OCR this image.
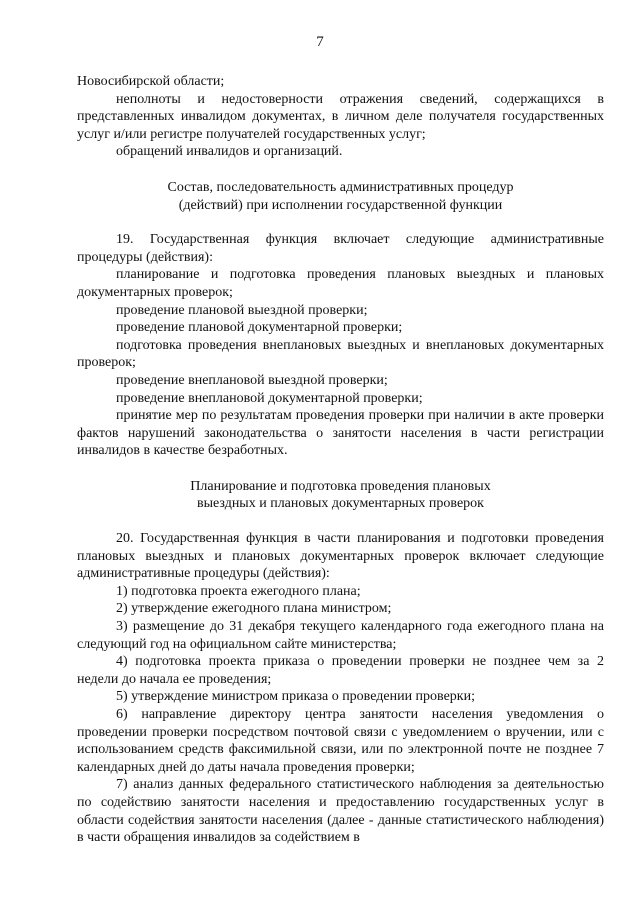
7

Новосибирской области;

неполноты и недостоверности отражения сведений, содержащихся в представленных инвалидом документах, в личном деле получателя государственных услуг и/или регистре получателей государственных услуг;

обращений инвалидов и организаций.

Состав, последовательность административных процедур

(действий) при исполнении государственной функции

19. Государственная функция включает следующие административные процедуры (действия):

планирование и подготовка проведения плановых выездных и плановых документарных проверок;

проведение плановой выездной проверки;

проведение плановой документарной проверки;

подготовка проведения внеплановых выездных и внеплановых документарных проверок;

проведение внеплановой выездной проверки;

проведение внеплановой документарной проверки;

принятие мер по результатам проведения проверки при наличии в акте проверки фактов нарушений законодательства о занятости населения в части регистрации инвалидов в качестве безработных.

Планирование и подготовка проведения плановых

выездных и плановых документарных проверок

20. Государственная функция в части планирования и подготовки проведения плановых выездных и плановых документарных проверок включает следующие административные процедуры (действия):

1) подготовка проекта ежегодного плана;

2) утверждение ежегодного плана министром;

3) размещение до 31 декабря текущего календарного года ежегодного плана на следующий год на официальном сайте министерства;

4) подготовка проекта приказа о проведении проверки не позднее чем за 2 недели до начала ее проведения;

5) утверждение министром приказа о проведении проверки;

6) направление директору центра занятости населения уведомления о проведении проверки посредством почтовой связи с уведомлением о вручении, или с использованием средств факсимильной связи, или по электронной почте не позднее 7 календарных дней до даты начала проведения проверки;

7) анализ данных федерального статистического наблюдения за деятельностью по содействию занятости населения и предоставлению государственных услуг в области содействия занятости населения (далее - данные статистического наблюдения) в части обращения инвалидов за содействием в
